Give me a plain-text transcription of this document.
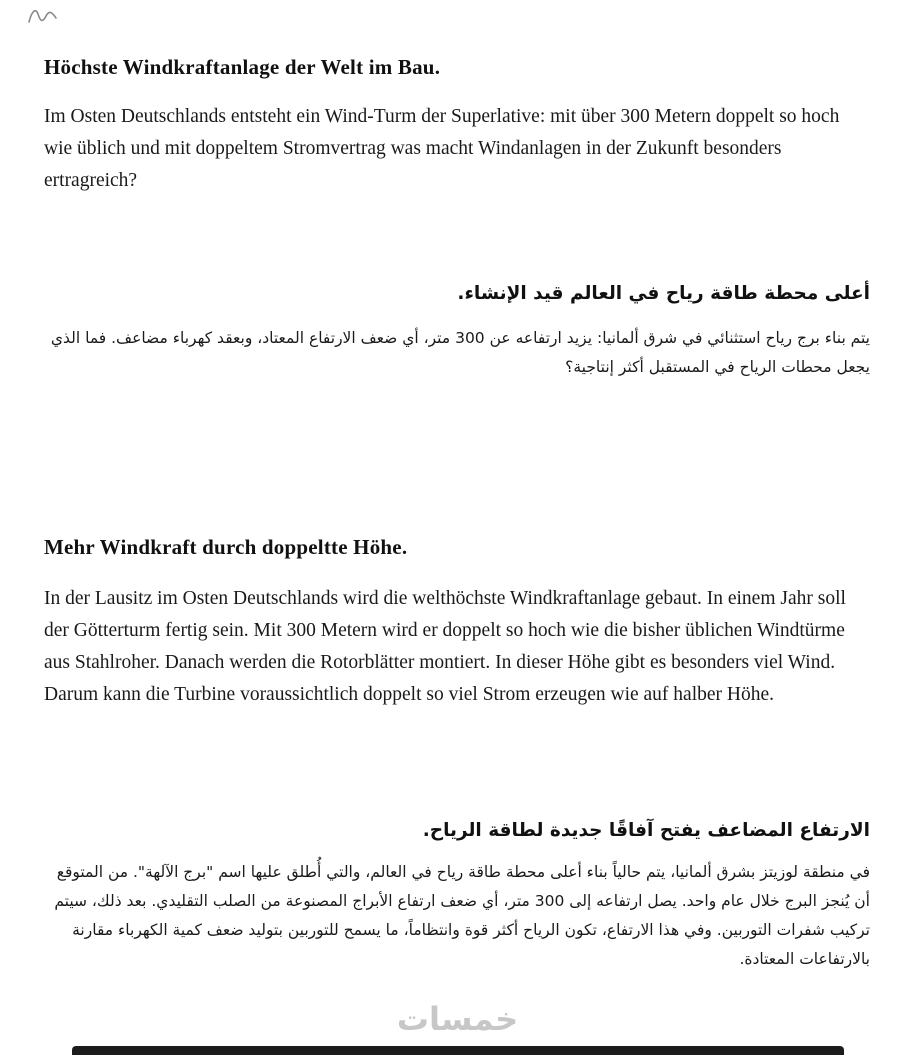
Höchste Windkraftanlage der Welt im Bau.

Im Osten Deutschlands entsteht ein Wind-Turm der Superlative: mit über 300 Metern doppelt so hoch wie üblich und mit doppeltem Stromvertrag was macht Windanlagen in der Zukunft besonders ertragreich?

أعلى محطة طاقة رياح في العالم قيد الإنشاء.

يتم بناء برج رياح استثنائي في شرق ألمانيا: يزيد ارتفاعه عن 300 متر، أي ضعف الارتفاع المعتاد، وبعقد كهرباء مضاعف. فما الذي يجعل محطات الرياح في المستقبل أكثر إنتاجية؟

Mehr Windkraft durch doppeltte Höhe.

In der Lausitz im Osten Deutschlands wird die welthöchste Windkraftanlage gebaut. In einem Jahr soll der Götterturm fertig sein. Mit 300 Metern wird er doppelt so hoch wie die bisher üblichen Windtürme aus Stahlroher. Danach werden die Rotorblätter montiert. In dieser Höhe gibt es besonders viel Wind. Darum kann die Turbine voraussichtlich doppelt so viel Strom erzeugen wie auf halber Höhe.

الارتفاع المضاعف يفتح آفاقًا جديدة لطاقة الرياح.

في منطقة لوزيتز بشرق ألمانيا، يتم حالياً بناء أعلى محطة طاقة رياح في العالم، والتي أُطلق عليها اسم "برج الآلهة". من المتوقع أن يُنجز البرج خلال عام واحد. يصل ارتفاعه إلى 300 متر، أي ضعف ارتفاع الأبراج المصنوعة من الصلب التقليدي. بعد ذلك، سيتم تركيب شفرات التوربين. وفي هذا الارتفاع، تكون الرياح أكثر قوة وانتظاماً، ما يسمح للتوربين بتوليد ضعف كمية الكهرباء مقارنة بالارتفاعات المعتادة.

خمسات
